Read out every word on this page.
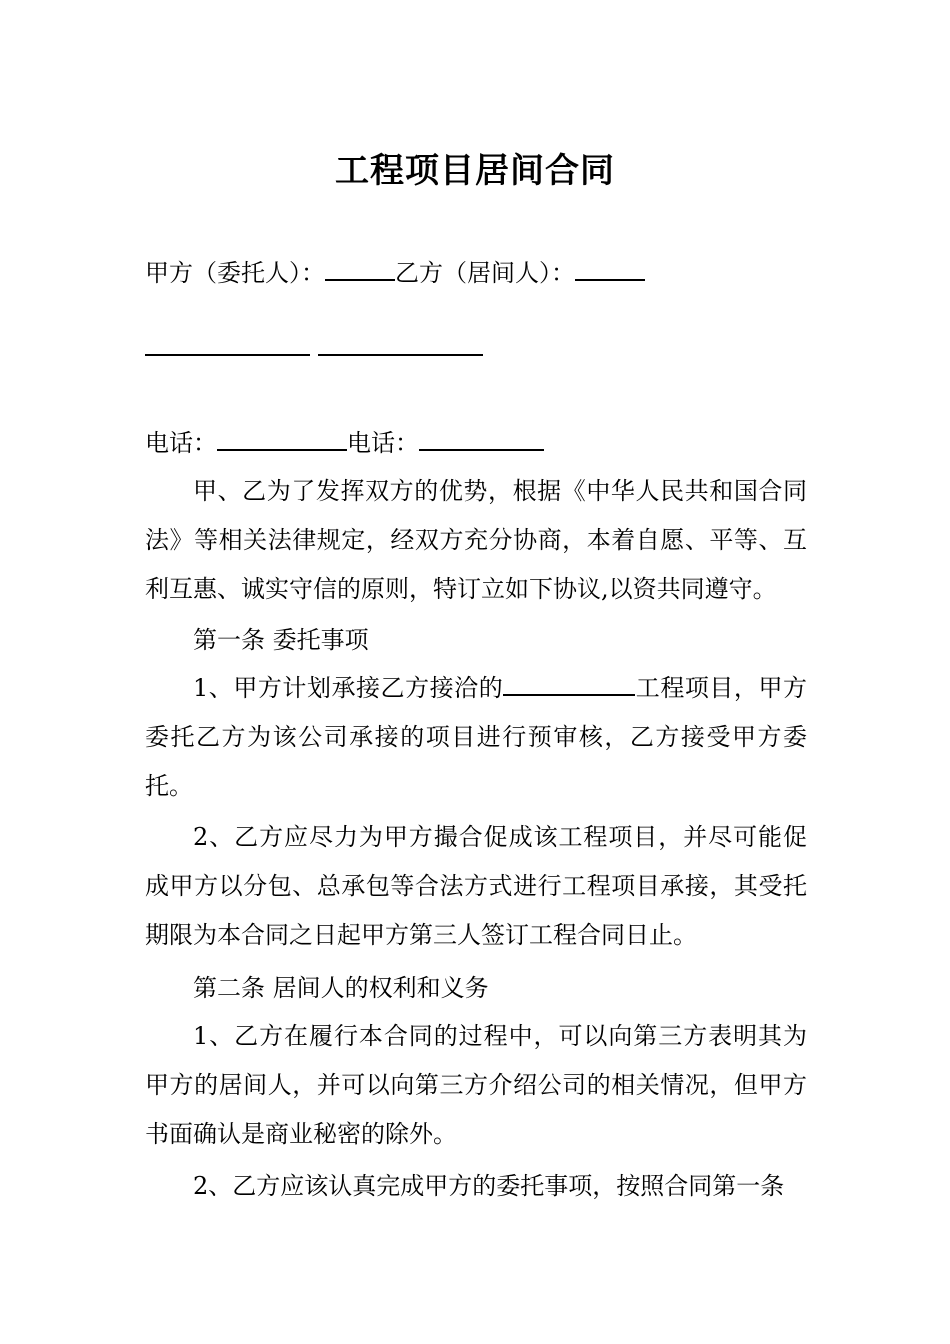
工程项目居间合同
甲方（委托人）：	乙方（居间人）：

电话：	电话：
甲、乙为了发挥双方的优势，根据《中华人民共和国合同法》等相关法律规定，经双方充分协商，本着自愿、平等、互利互惠、诚实守信的原则，特订立如下协议,以资共同遵守。
第一条 委托事项
1、甲方计划承接乙方接洽的	工程项目，甲方委托乙方为该公司承接的项目进行预审核，乙方接受甲方委托。
2、乙方应尽力为甲方撮合促成该工程项目，并尽可能促成甲方以分包、总承包等合法方式进行工程项目承接，其受托期限为本合同之日起甲方第三人签订工程合同日止。
第二条 居间人的权利和义务
1、乙方在履行本合同的过程中，可以向第三方表明其为甲方的居间人，并可以向第三方介绍公司的相关情况，但甲方书面确认是商业秘密的除外。
2、乙方应该认真完成甲方的委托事项，按照合同第一条
